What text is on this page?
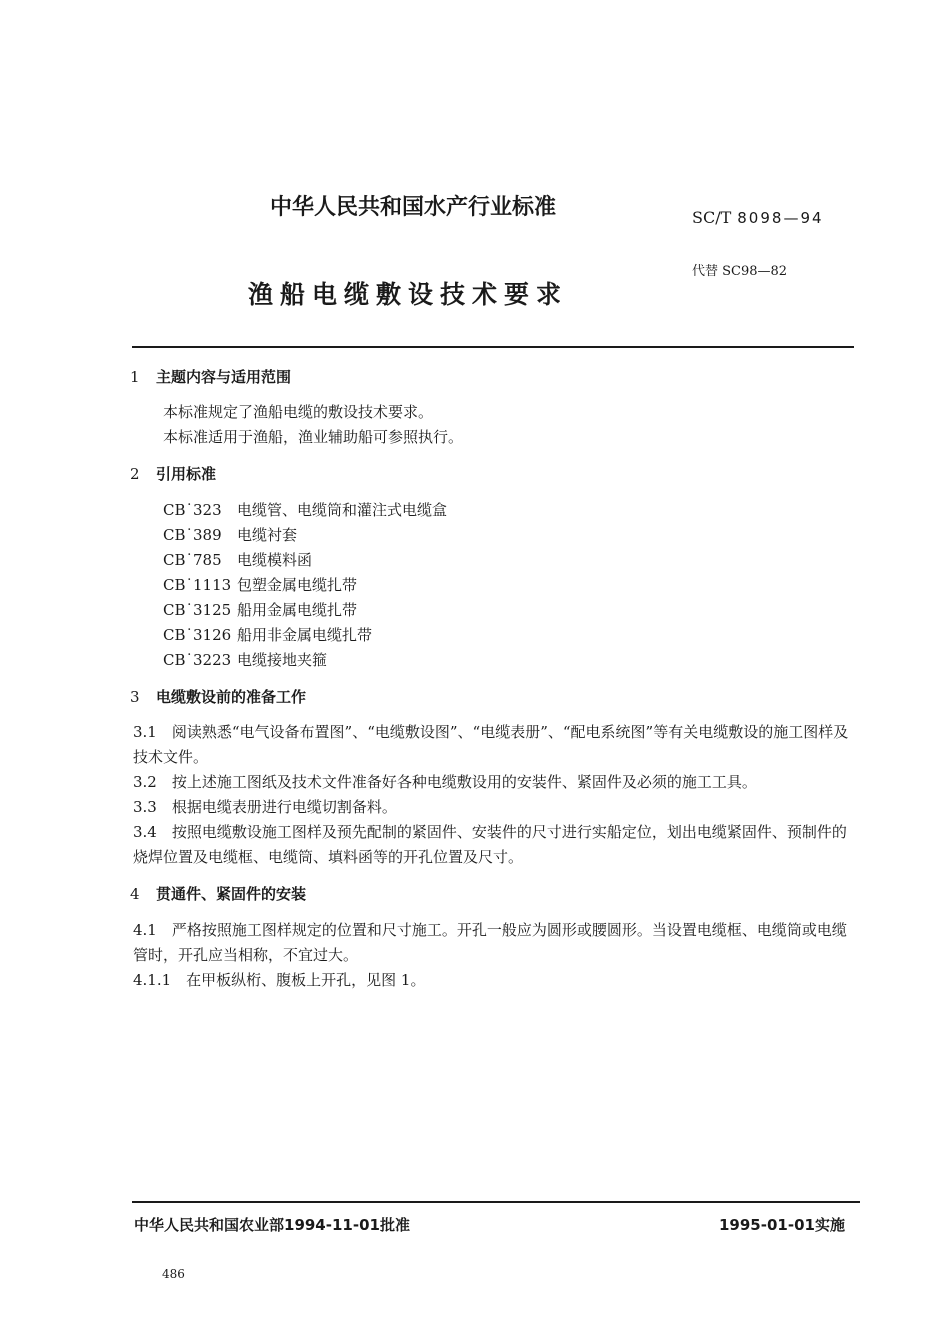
中华人民共和国水产行业标准	SC/T 8098—94
代替 SC98—82
渔船电缆敷设技术要求
1 主题内容与适用范围
本标准规定了渔船电缆的敷设技术要求。
本标准适用于渔船，渔业辅助船可参照执行。
2 引用标准
CB˙323 电缆管、电缆筒和灌注式电缆盒
CB˙389 电缆衬套
CB˙785 电缆模料函
CB˙1113 包塑金属电缆扎带
CB˙3125 船用金属电缆扎带
CB˙3126 船用非金属电缆扎带
CB˙3223 电缆接地夹箍
3 电缆敷设前的准备工作
3.1　阅读熟悉“电气设备布置图”、“电缆敷设图”、“电缆表册”、“配电系统图”等有关电缆敷设的施工图样及技术文件。
3.2　按上述施工图纸及技术文件准备好各种电缆敷设用的安装件、紧固件及必须的施工工具。
3.3　根据电缆表册进行电缆切割备料。
3.4　按照电缆敷设施工图样及预先配制的紧固件、安装件的尺寸进行实船定位，划出电缆紧固件、预制件的烧焊位置及电缆框、电缆筒、填料函等的开孔位置及尺寸。
4 贯通件、紧固件的安装
4.1　严格按照施工图样规定的位置和尺寸施工。开孔一般应为圆形或腰圆形。当设置电缆框、电缆筒或电缆管时，开孔应当相称，不宜过大。
4.1.1　在甲板纵桁、腹板上开孔，见图 1。
中华人民共和国农业部1994-11-01批准	1995-01-01实施
486
